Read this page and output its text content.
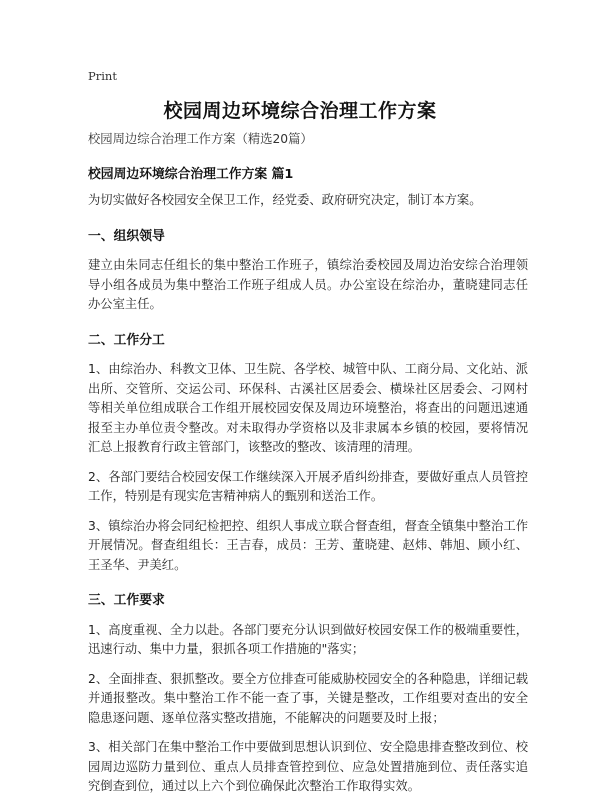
Print
校园周边环境综合治理工作方案

校园周边综合治理工作方案（精选20篇）

校园周边环境综合治理工作方案 篇1

为切实做好各校园安全保卫工作，经党委、政府研究决定，制订本方案。

一、组织领导

建立由朱同志任组长的集中整治工作班子，镇综治委校园及周边治安综合治理领导小组各成员为集中整治工作班子组成人员。办公室设在综治办，董晓建同志任办公室主任。

二、工作分工

1、由综治办、科教文卫体、卫生院、各学校、城管中队、工商分局、文化站、派出所、交管所、交运公司、环保科、古溪社区居委会、横垛社区居委会、刁网村等相关单位组成联合工作组开展校园安保及周边环境整治，将查出的问题迅速通报至主办单位责令整改。对未取得办学资格以及非隶属本乡镇的校园，要将情况汇总上报教育行政主管部门，该整改的整改、该清理的清理。

2、各部门要结合校园安保工作继续深入开展矛盾纠纷排查，要做好重点人员管控工作，特别是有现实危害精神病人的甄别和送治工作。

3、镇综治办将会同纪检把控、组织人事成立联合督查组，督查全镇集中整治工作开展情况。督查组组长：王吉春，成员：王芳、董晓建、赵炜、韩旭、顾小红、王圣华、尹美红。

三、工作要求

1、高度重视、全力以赴。各部门要充分认识到做好校园安保工作的极端重要性，迅速行动、集中力量，狠抓各项工作措施的"落实；

2、全面排查、狠抓整改。要全方位排查可能威胁校园安全的各种隐患，详细记载并通报整改。集中整治工作不能一查了事，关键是整改，工作组要对查出的安全隐患逐问题、逐单位落实整改措施，不能解决的问题要及时上报；

3、相关部门在集中整治工作中要做到思想认识到位、安全隐患排查整改到位、校园周边巡防力量到位、重点人员排查管控到位、应急处置措施到位、责任落实追究倒查到位，通过以上六个到位确保此次整治工作取得实效。
